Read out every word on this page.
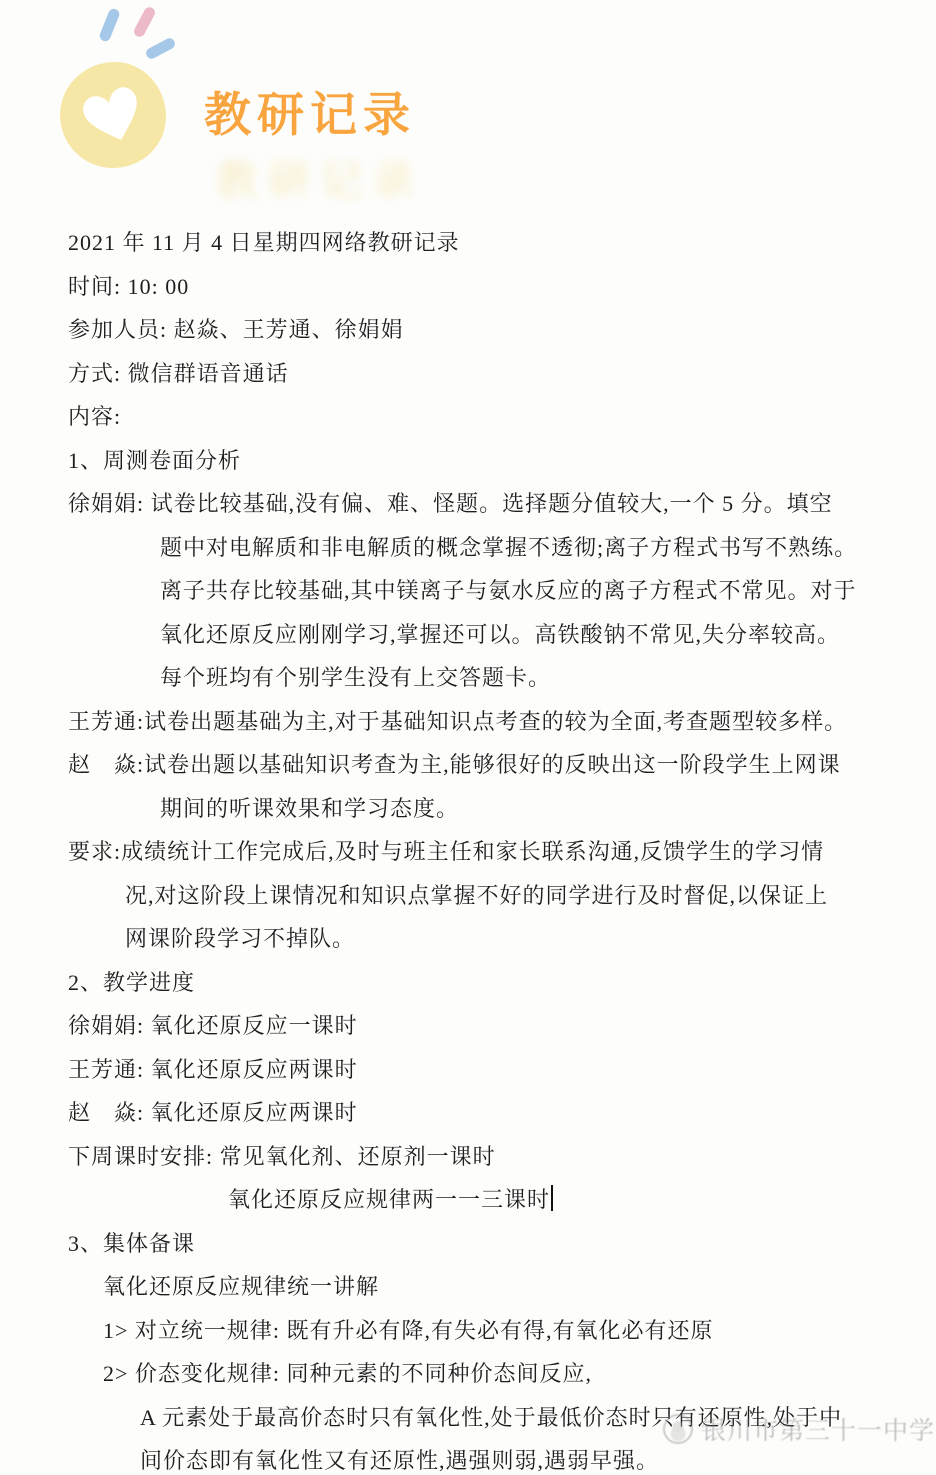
教研记录
教研记录
2021 年 11 月 4 日星期四网络教研记录
时间: 10: 00
参加人员: 赵焱、王芳通、徐娟娟
方式: 微信群语音通话
内容:
1、周测卷面分析
徐娟娟: 试卷比较基础,没有偏、难、怪题。选择题分值较大,一个 5 分。填空
题中对电解质和非电解质的概念掌握不透彻;离子方程式书写不熟练。
离子共存比较基础,其中镁离子与氨水反应的离子方程式不常见。对于
氧化还原反应刚刚学习,掌握还可以。高铁酸钠不常见,失分率较高。
每个班均有个别学生没有上交答题卡。
王芳通:试卷出题基础为主,对于基础知识点考查的较为全面,考查题型较多样。
赵　焱:试卷出题以基础知识考查为主,能够很好的反映出这一阶段学生上网课
期间的听课效果和学习态度。
要求:成绩统计工作完成后,及时与班主任和家长联系沟通,反馈学生的学习情
况,对这阶段上课情况和知识点掌握不好的同学进行及时督促,以保证上
网课阶段学习不掉队。
2、教学进度
徐娟娟: 氧化还原反应一课时
王芳通: 氧化还原反应两课时
赵　焱: 氧化还原反应两课时
下周课时安排: 常见氧化剂、还原剂一课时
氧化还原反应规律两一一三课时
3、集体备课
氧化还原反应规律统一讲解
1> 对立统一规律: 既有升必有降,有失必有得,有氧化必有还原
2> 价态变化规律: 同种元素的不同种价态间反应,
A 元素处于最高价态时只有氧化性,处于最低价态时只有还原性,处于中
间价态即有氧化性又有还原性,遇强则弱,遇弱早强。
银川市第三十一中学
